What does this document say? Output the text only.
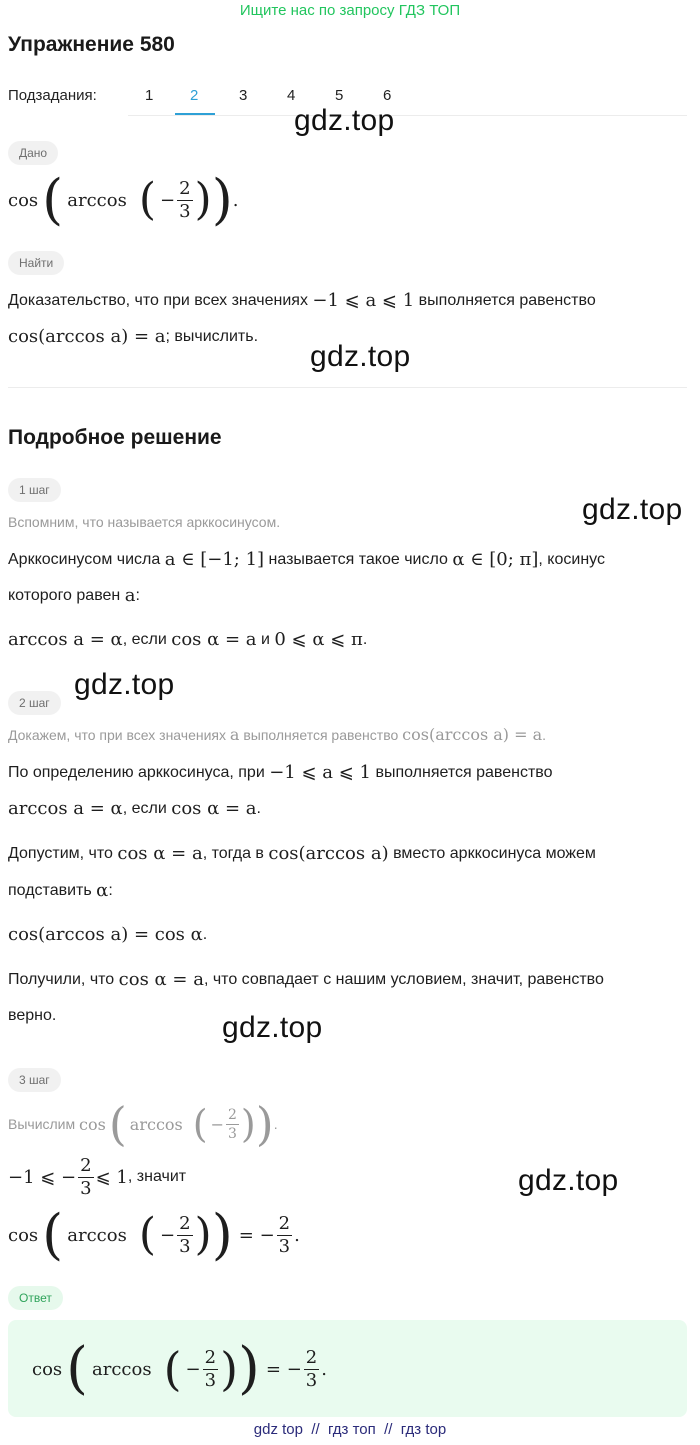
Ищите нас по запросу ГДЗ ТОП
Упражнение 580
Подзадания:	1 2	3	4	5	6
gdz.top
gdz.top
gdz.top
gdz.top
gdz.top
gdz.top
Дано
cos ( arccos ( − $\frac{2}{3}$ ) ) .
Найти
Доказательство, что при всех значениях
−1 ⩽ a ⩽ 1
выполняется равенство
cos(arccos a) = a ; вычислить.
Подробное решение
1 шаг
Вспомним, что называется арккосинусом.
Арккосинусом числа
a ∈ [−1; 1]
называется такое число
α ∈ [0; π] , косинус
которого равен
a :
arccos a = α , если
cos α = a
и
0 ⩽ α ⩽ π .
2 шаг
Докажем, что при всех значениях
a
выполняется равенство
cos(arccos a) = a .
По определению арккосинуса, при
−1 ⩽ a ⩽ 1
выполняется равенство
arccos a = α , если
cos α = a .
Допустим, что
cos α = a , тогда в
cos(arccos a)
вместо арккосинуса можем
подставить
α :
cos(arccos a) = cos α .
Получили, что
cos α = a , что совпадает с нашим условием, значит, равенство
верно.
3 шаг
Вычислим
cos ( arccos ( − $\frac{2}{3}$ ) ) .
−1 ⩽ − $\frac{2}{3}$ ⩽ 1 , значит
cos ( arccos ( − $\frac{2}{3}$ ) ) = − $\frac{2}{3}$ .
Ответ
cos ( arccos ( − $\frac{2}{3}$ ) ) = − $\frac{2}{3}$ .
gdz top  //  гдз топ  //  гдз top
